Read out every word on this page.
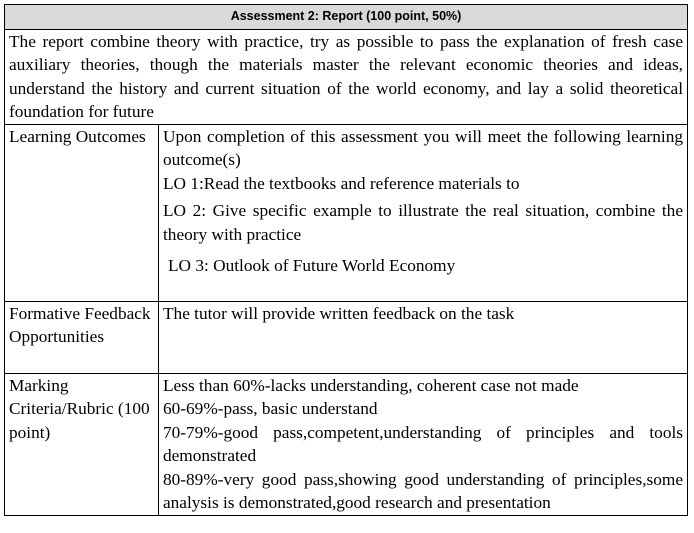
Assessment 2: Report (100 point, 50%)	
The report combine theory with practice, try as possible to pass the explanation of fresh case auxiliary theories, though the materials master the relevant economic theories and ideas, understand the history and current situation of the world economy, and lay a solid theoretical foundation for future	
Learning Outcomes	Upon completion of this assessment you will meet the following learning outcome(s)
LO 1:Read the textbooks and reference materials to
LO 2: Give specific example to illustrate the real situation, combine the theory with practice
LO 3: Outlook of Future World Economy

Formative Feedback Opportunities	The tutor will provide written feedback on the task
Marking Criteria/Rubric (100 point)	Less than 60%-lacks understanding, coherent case not made
60-69%-pass, basic understand
70-79%-good pass,competent,understanding of principles and tools demonstrated
80-89%-very good pass,showing good understanding of principles,some analysis is demonstrated,good research and presentation
